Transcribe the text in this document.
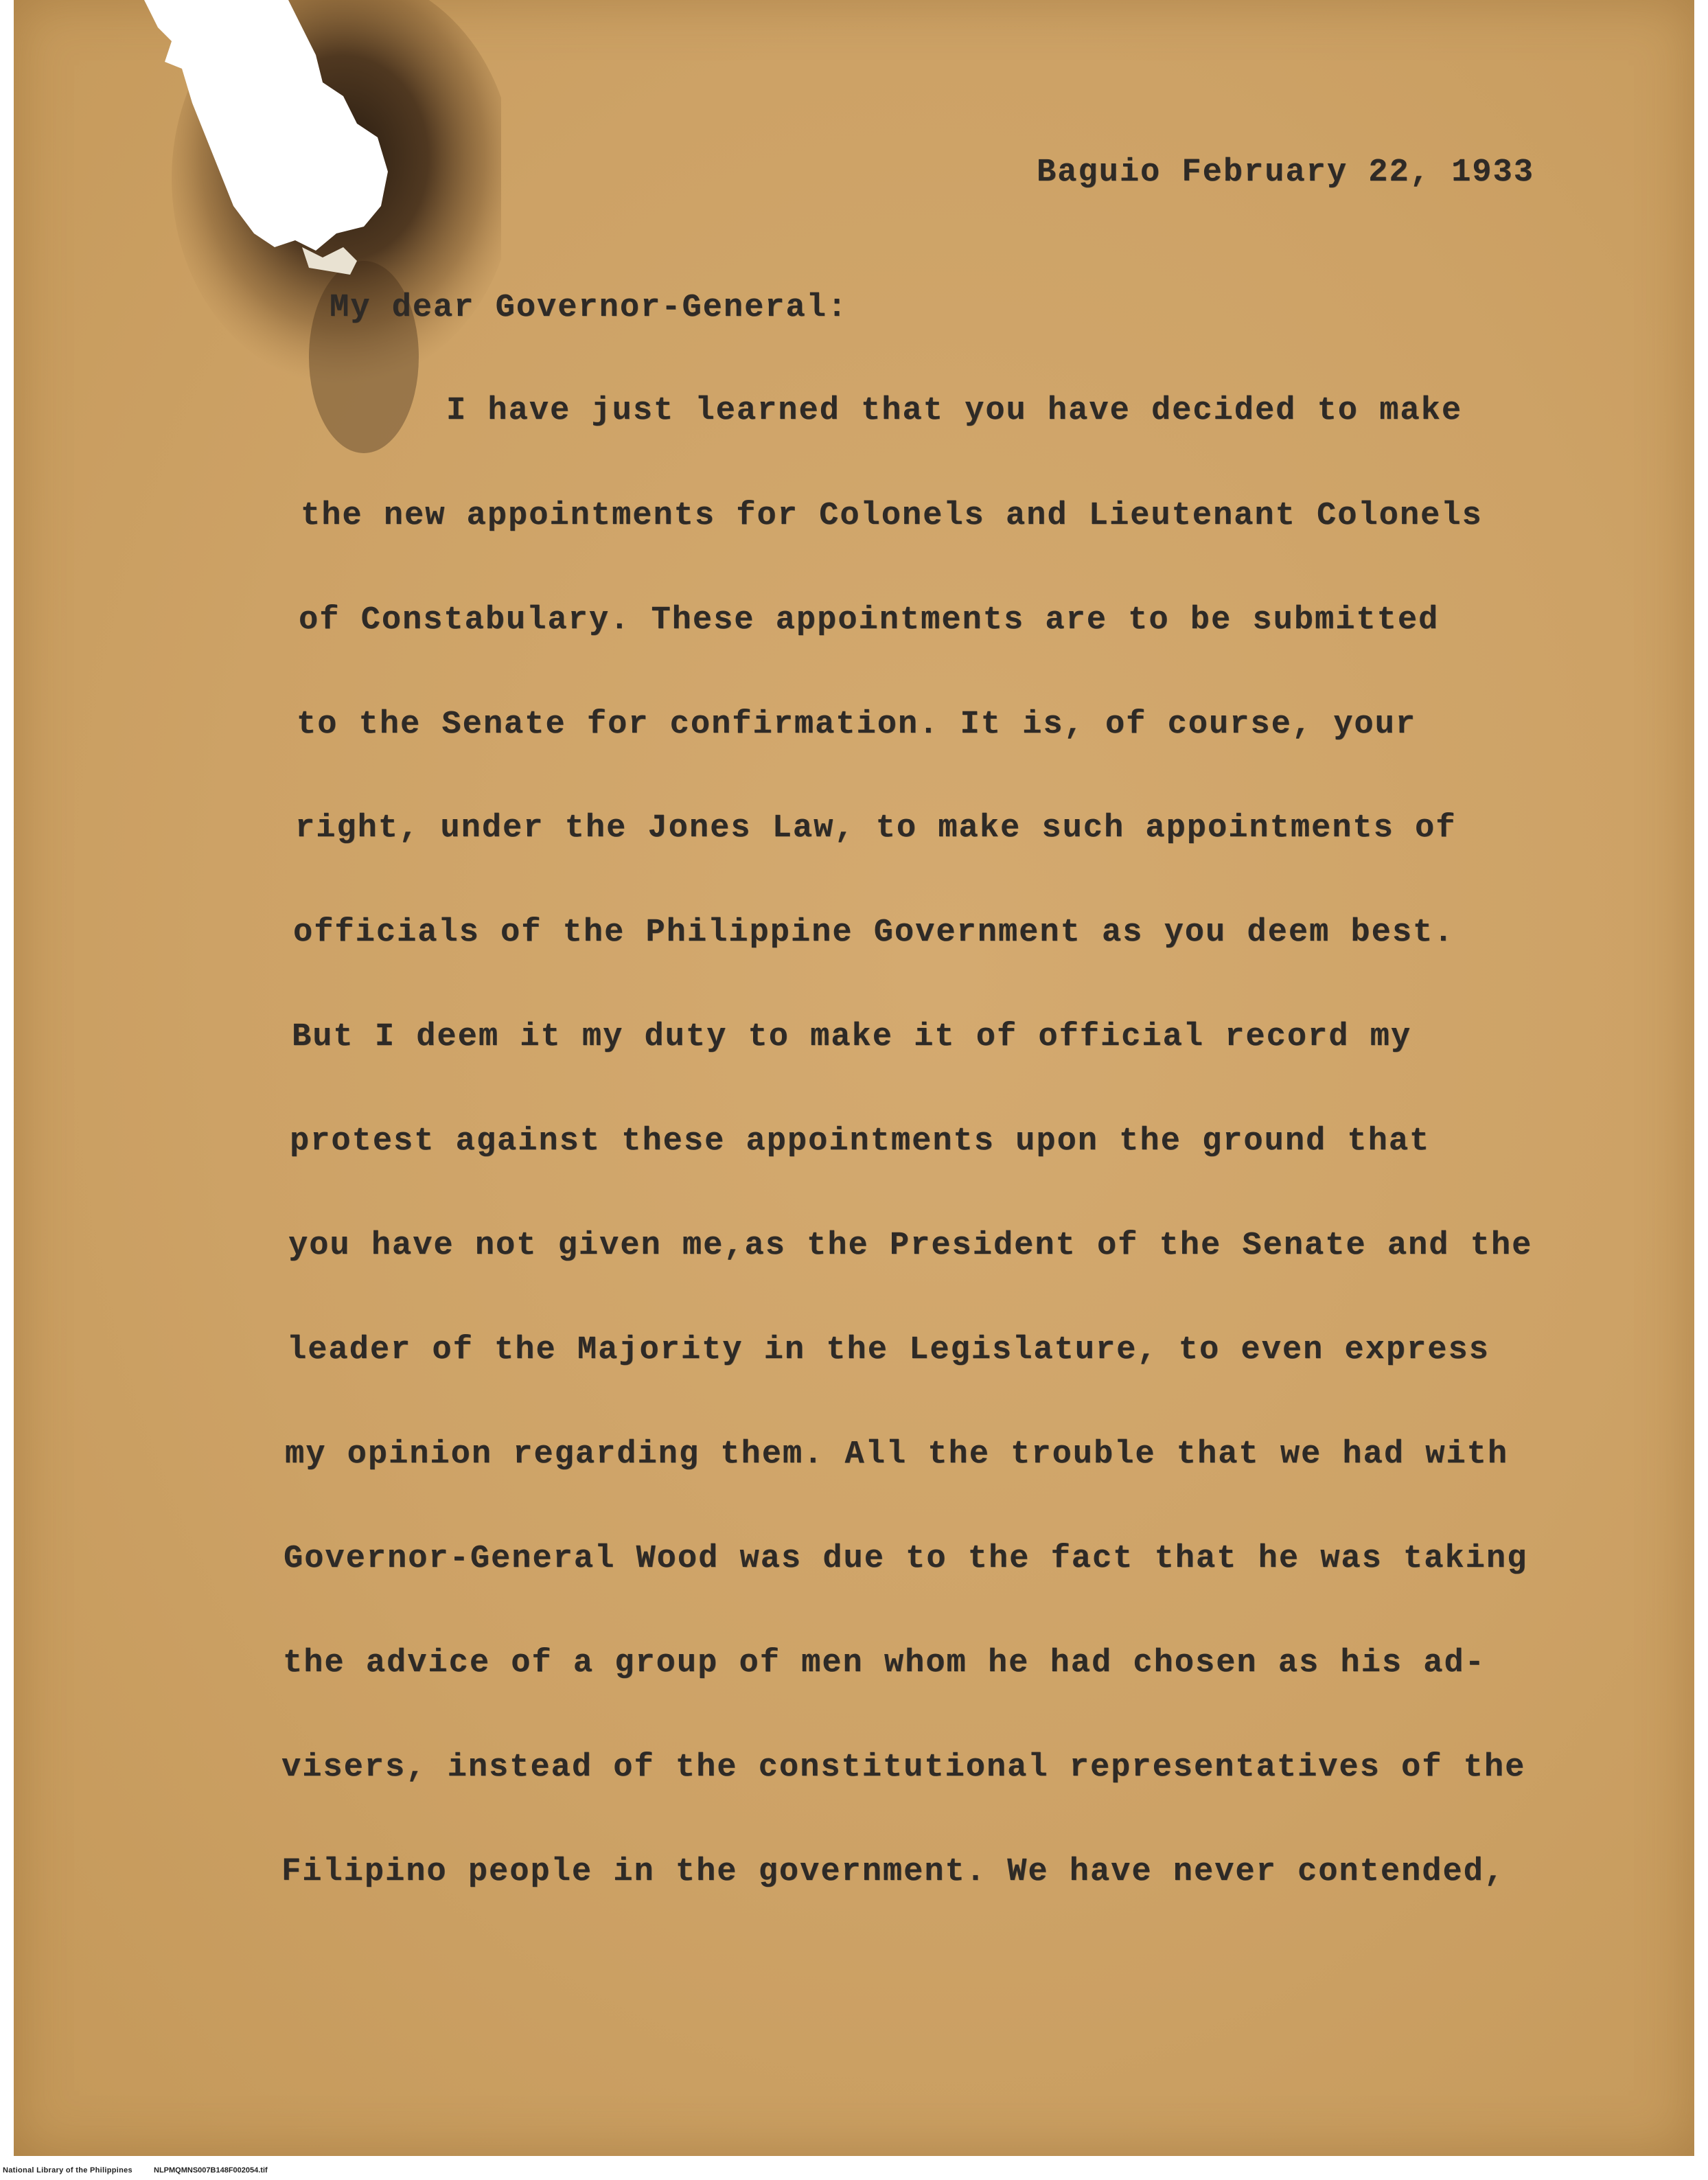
Baguio February 22, 1933
My dear Governor-General:
I have just learned that you have decided to make
the new appointments for Colonels and Lieutenant Colonels
of Constabulary. These appointments are to be submitted
to the Senate for confirmation. It is, of course, your
right, under the Jones Law, to make such appointments of
officials of the Philippine Government as you deem best.
But I deem it my duty to make it of official record my
protest against these appointments upon the ground that
you have not given me,as the President of the Senate and the
leader of the Majority in the Legislature, to even express
my opinion regarding them. All the trouble that we had with
Governor-General Wood was due to the fact that he was taking
the advice of a group of men whom he had chosen as his ad-
visers, instead of the constitutional representatives of the
Filipino people in the government. We have never contended,
National Library of the Philippines	NLPMQMNS007B148F002054.tif
